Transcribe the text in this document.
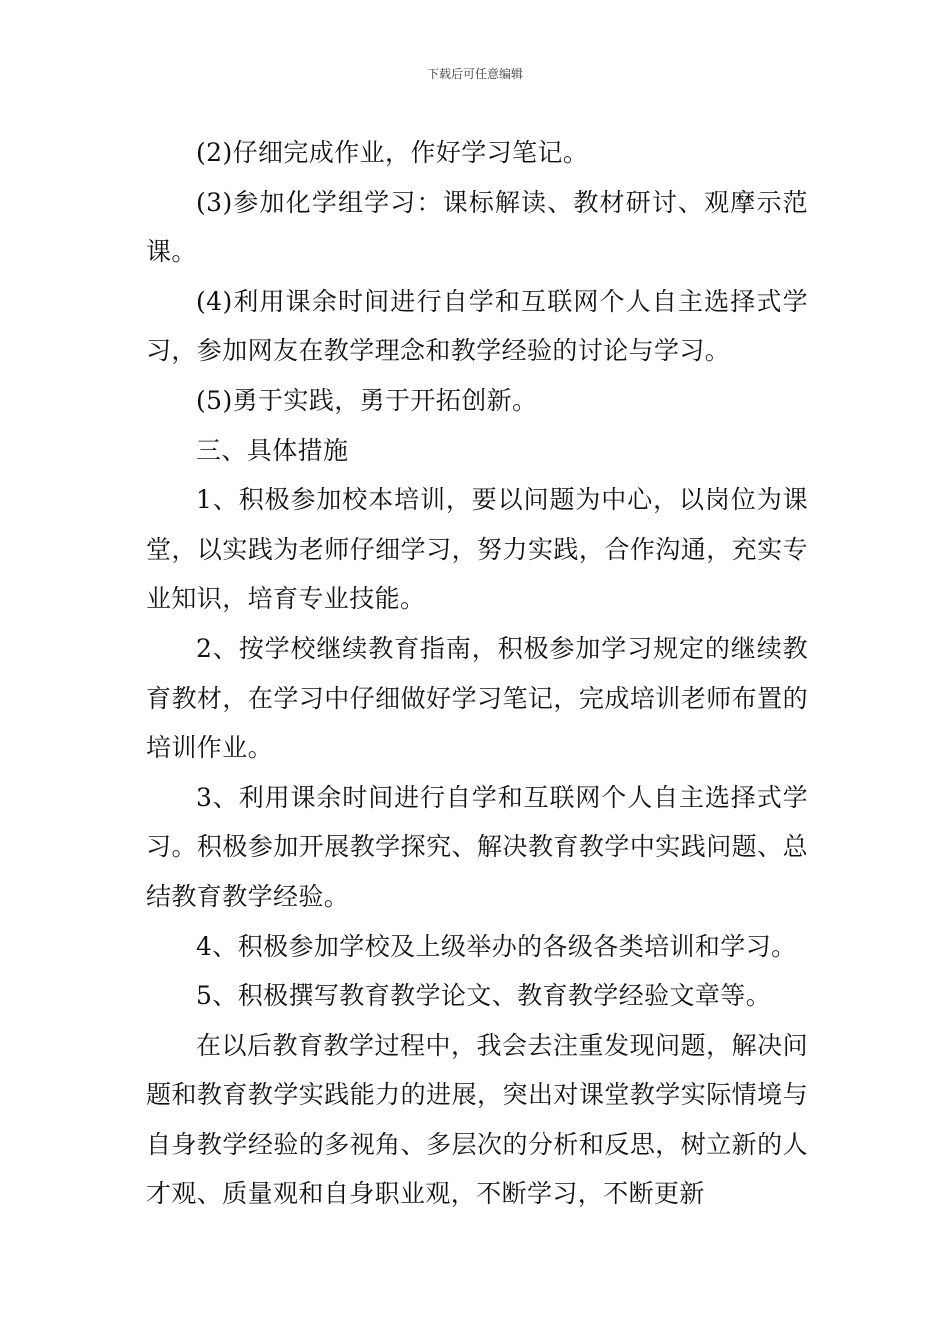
下载后可任意编辑

(2)仔细完成作业，作好学习笔记。

(3)参加化学组学习：课标解读、教材研讨、观摩示范课。

(4)利用课余时间进行自学和互联网个人自主选择式学习，参加网友在教学理念和教学经验的讨论与学习。

(5)勇于实践，勇于开拓创新。

三、具体措施

1、积极参加校本培训，要以问题为中心，以岗位为课堂，以实践为老师仔细学习，努力实践，合作沟通，充实专业知识，培育专业技能。

2、按学校继续教育指南，积极参加学习规定的继续教育教材，在学习中仔细做好学习笔记，完成培训老师布置的培训作业。

3、利用课余时间进行自学和互联网个人自主选择式学习。积极参加开展教学探究、解决教育教学中实践问题、总结教育教学经验。

4、积极参加学校及上级举办的各级各类培训和学习。

5、积极撰写教育教学论文、教育教学经验文章等。

在以后教育教学过程中，我会去注重发现问题，解决问题和教育教学实践能力的进展，突出对课堂教学实际情境与自身教学经验的多视角、多层次的分析和反思，树立新的人才观、质量观和自身职业观，不断学习，不断更新
